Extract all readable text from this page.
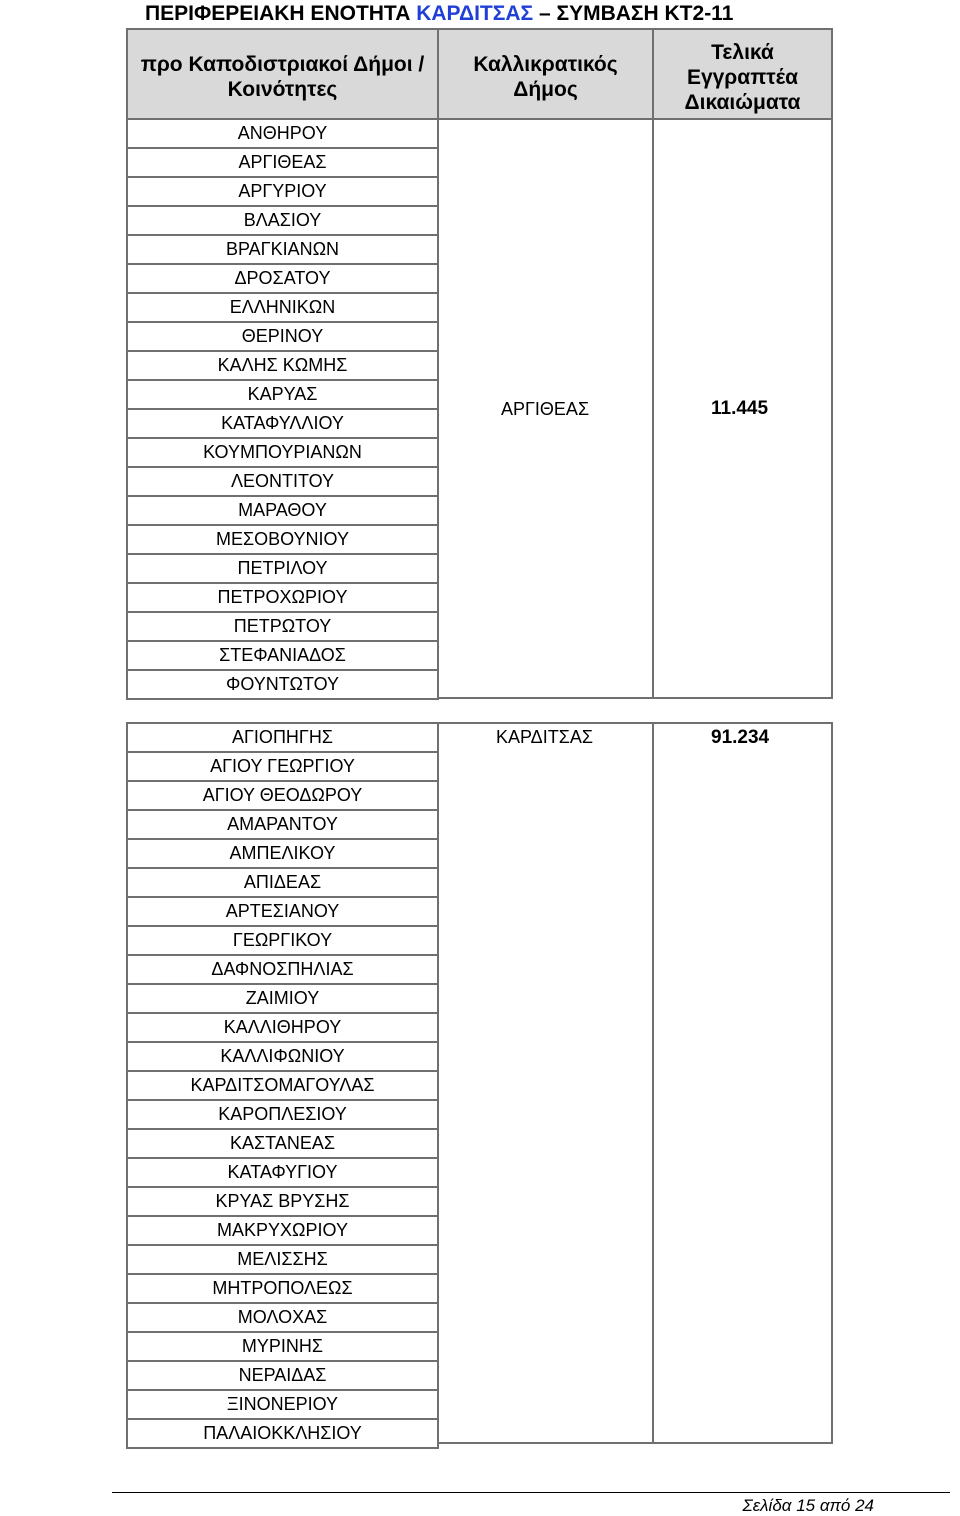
ΠΕΡΙΦΕΡΕΙΑΚΗ ΕΝΟΤΗΤΑ ΚΑΡΔΙΤΣΑΣ – ΣΥΜΒΑΣΗ ΚΤ2-11
προ Καποδιστριακοί Δήμοι / Κοινότητες
Καλλικρατικός Δήμος
Τελικά Εγγραπτέα Δικαιώματα
ΑΝΘΗΡΟΥ
ΑΡΓΙΘΕΑΣ
ΑΡΓΥΡΙΟΥ
ΒΛΑΣΙΟΥ
ΒΡΑΓΚΙΑΝΩΝ
ΔΡΟΣΑΤΟΥ
ΕΛΛΗΝΙΚΩΝ
ΘΕΡΙΝΟΥ
ΚΑΛΗΣ ΚΩΜΗΣ
ΚΑΡΥΑΣ
ΚΑΤΑΦΥΛΛΙΟΥ
ΚΟΥΜΠΟΥΡΙΑΝΩΝ
ΛΕΟΝΤΙΤΟΥ
ΜΑΡΑΘΟΥ
ΜΕΣΟΒΟΥΝΙΟΥ
ΠΕΤΡΙΛΟΥ
ΠΕΤΡΟΧΩΡΙΟΥ
ΠΕΤΡΩΤΟΥ
ΣΤΕΦΑΝΙΑΔΟΣ
ΦΟΥΝΤΩΤΟΥ
ΑΡΓΙΘΕΑΣ	11.445
ΑΓΙΟΠΗΓΗΣ
ΑΓΙΟΥ ΓΕΩΡΓΙΟΥ
ΑΓΙΟΥ ΘΕΟΔΩΡΟΥ
ΑΜΑΡΑΝΤΟΥ
ΑΜΠΕΛΙΚΟΥ
ΑΠΙΔΕΑΣ
ΑΡΤΕΣΙΑΝΟΥ
ΓΕΩΡΓΙΚΟΥ
ΔΑΦΝΟΣΠΗΛΙΑΣ
ΖΑΙΜΙΟΥ
ΚΑΛΛΙΘΗΡΟΥ
ΚΑΛΛΙΦΩΝΙΟΥ
ΚΑΡΔΙΤΣΟΜΑΓΟΥΛΑΣ
ΚΑΡΟΠΛΕΣΙΟΥ
ΚΑΣΤΑΝΕΑΣ
ΚΑΤΑΦΥΓΙΟΥ
ΚΡΥΑΣ ΒΡΥΣΗΣ
ΜΑΚΡΥΧΩΡΙΟΥ
ΜΕΛΙΣΣΗΣ
ΜΗΤΡΟΠΟΛΕΩΣ
ΜΟΛΟΧΑΣ
ΜΥΡΙΝΗΣ
ΝΕΡΑΙΔΑΣ
ΞΙΝΟΝΕΡΙΟΥ
ΠΑΛΑΙΟΚΚΛΗΣΙΟΥ
ΚΑΡΔΙΤΣΑΣ	91.234
Σελίδα 15 από 24
